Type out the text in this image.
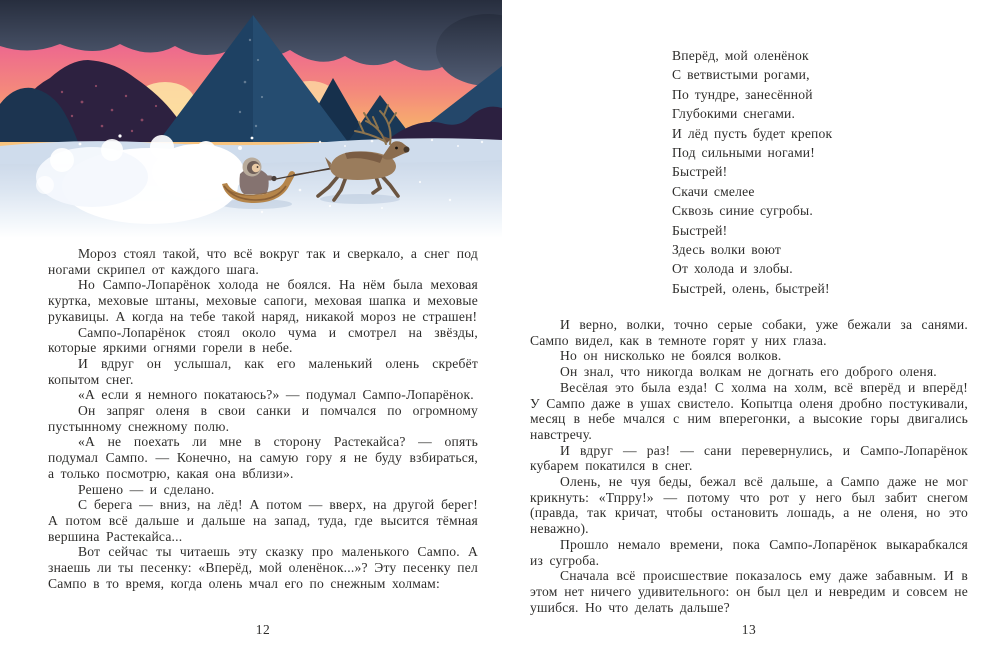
Мороз стоял такой, что всё вокруг так и сверкало, а снег под ногами скрипел от каждого шага.

Но Сампо-Лопарёнок холода не боялся. На нём была меховая куртка, меховые штаны, меховые сапоги, меховая шапка и меховые рукавицы. А когда на тебе такой наряд, никакой мороз не страшен!

Сампо-Лопарёнок стоял около чума и смотрел на звёзды, которые яркими огнями горели в небе.

И вдруг он услышал, как его маленький олень скребёт копытом снег.

«А если я немного покатаюсь?» — подумал Сампо-Лопарёнок.

Он запряг оленя в свои санки и помчался по огромному пустынному снежному полю.

«А не поехать ли мне в сторону Растекайса? — опять подумал Сампо. — Конечно, на самую гору я не буду взбираться, а только посмотрю, какая она вблизи».

Решено — и сделано.

С берега — вниз, на лёд! А потом — вверх, на другой берег! А потом всё дальше и дальше на запад, туда, где высится тёмная вершина Растекайса...

Вот сейчас ты читаешь эту сказку про маленького Сампо. А знаешь ли ты песенку: «Вперёд, мой оленёнок...»? Эту песенку пел Сампо в то время, когда олень мчал его по снежным холмам:

12
Вперёд, мой оленёнок
С ветвистыми рогами,
По тундре, занесённой
Глубокими снегами.
И лёд пусть будет крепок
Под сильными ногами!
Быстрей!
Скачи смелее
Сквозь синие сугробы.
Быстрей!
Здесь волки воют
От холода и злобы.
Быстрей, олень, быстрей!

И верно, волки, точно серые собаки, уже бежали за санями. Сампо видел, как в темноте горят у них глаза.

Но он нисколько не боялся волков.

Он знал, что никогда волкам не догнать его доброго оленя.

Весёлая это была езда! С холма на холм, всё вперёд и вперёд! У Сампо даже в ушах свистело. Копытца оленя дробно постукивали, месяц в небе мчался с ним вперегонки, а высокие горы двигались навстречу.

И вдруг — раз! — сани перевернулись, и Сампо-Лопарёнок кубарем покатился в снег.

Олень, не чуя беды, бежал всё дальше, а Сампо даже не мог крикнуть: «Тпрру!» — потому что рот у него был забит снегом (правда, так кричат, чтобы остановить лошадь, а не оленя, но это неважно).

Прошло немало времени, пока Сампо-Лопарёнок выкарабкался из сугроба.

Сначала всё происшествие показалось ему даже забавным. И в этом нет ничего удивительного: он был цел и невредим и совсем не ушибся. Но что делать дальше?

13
